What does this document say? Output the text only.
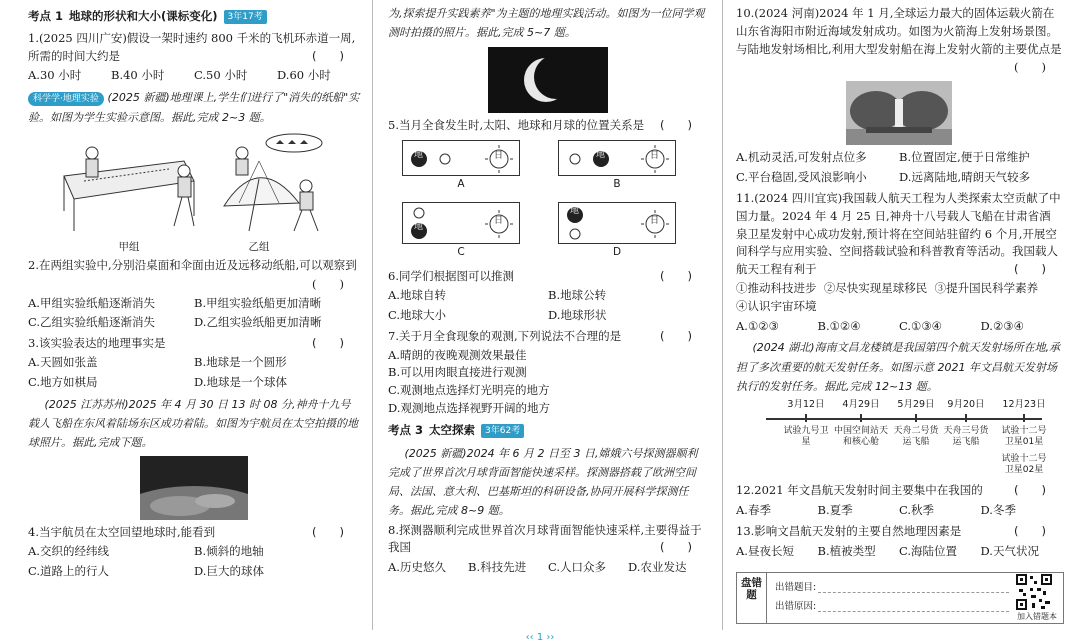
考点 1 地球的形状和大小(课标变化)	3年17考

1.(2025 四川广安)假设一架时速约 800 千米的飞机环赤道一周,所需的时间大约是	(　　)

A.30 小时	B.40 小时	C.50 小时	D.60 小时

科学学·地理实验 (2025 新疆)地理课上,学生们进行了"消失的纸船"实验。如图为学生实验示意图。据此,完成 2~3 题。

甲组	乙组

2.在两组实验中,分别沿桌面和伞面由近及远移动纸船,可以观察到

(　　)

A.甲组实验纸船逐渐消失	B.甲组实验纸船更加清晰
C.乙组实验纸船逐渐消失	D.乙组实验纸船更加清晰

3.该实验表达的地理事实是	(　　)

A.天圆如张盖	B.地球是一个圆形
C.地方如棋局	D.地球是一个球体

(2025 江苏苏州)2025 年 4 月 30 日 13 时 08 分,神舟十九号载人飞船在东风着陆场东区成功着陆。如图为宇航员在太空拍摄的地球照片。据此,完成下题。

4.当宇航员在太空回望地球时,能看到	(　　)

A.交织的经纬线	B.倾斜的地轴
C.道路上的行人	D.巨大的球体

为,探索提升实践素养"为主题的地理实践活动。如图为一位同学观测时拍摄的照片。据此,完成 5~7 题。

5.当月全食发生时,太阳、地球和月球的位置关系是 (　　)

地	日
A
地	日
B
地
日
C
地
日
D

6.同学们根据图可以推测	(　　)

A.地球自转	B.地球公转
C.地球大小	D.地球形状

7.关于月全食现象的观测,下列说法不合理的是	(　　)

A.晴朗的夜晚观测效果最佳

B.可以用肉眼直接进行观测

C.观测地点选择灯光明亮的地方

D.观测地点选择视野开阔的地方

考点 3 太空探索	3年62考

(2025 新疆)2024 年 6 月 2 日至 3 日,嫦娥六号探测器顺利完成了世界首次月球背面智能快速采样。探测器搭载了欧洲空间局、法国、意大利、巴基斯坦的科研设备,协同开展科学探测任务。据此,完成 8~9 题。

8.探测器顺利完成世界首次月球背面智能快速采样,主要得益于我国	(　　)

A.历史悠久	B.科技先进	C.人口众多	D.农业发达

10.(2024 河南)2024 年 1 月,全球运力最大的固体运载火箭在山东省海阳市附近海域发射成功。如图为火箭海上发射场景图。与陆地发射场相比,利用大型发射船在海上发射火箭的主要优点是

(　　)

A.机动灵活,可发射点位多	B.位置固定,便于日常维护
C.平台稳固,受风浪影响小	D.远离陆地,晴朗天气较多

11.(2024 四川宜宾)我国载人航天工程为人类探索太空贡献了中国力量。2024 年 4 月 25 日,神舟十八号载人飞船在甘肃省酒泉卫星发射中心成功发射,预计将在空间站驻留约 6 个月,开展空间科学与应用实验、空间搭载试验和科普教育等活动。我国载人航天工程有利于	(　　)

①推动科技进步 ②尽快实现星球移民 ③提升国民科学素养

④认识宇宙环境

A.①②③	B.①②④	C.①③④	D.②③④

(2024 湖北)海南文昌龙楼镇是我国第四个航天发射场所在地,承担了多次重要的航天发射任务。如图示意 2021 年文昌航天发射场执行的发射任务。据此,完成 12~13 题。

3月12日	4月29日	5月29日	9月20日	12月23日
试验九号卫星
中国空间站天和核心舱
天舟二号货运飞船
天舟三号货运飞船
试验十二号卫星01星
试验十二号卫星02星

12.2021 年文昌航天发射时间主要集中在我国的	(　　)

A.春季	B.夏季	C.秋季	D.冬季

13.影响文昌航天发射的主要自然地理因素是	(　　)

A.昼夜长短	B.植被类型	C.海陆位置	D.天气状况
盘错题
出错题目:
出错原因:
加入错题本
‹‹ 1 ››
